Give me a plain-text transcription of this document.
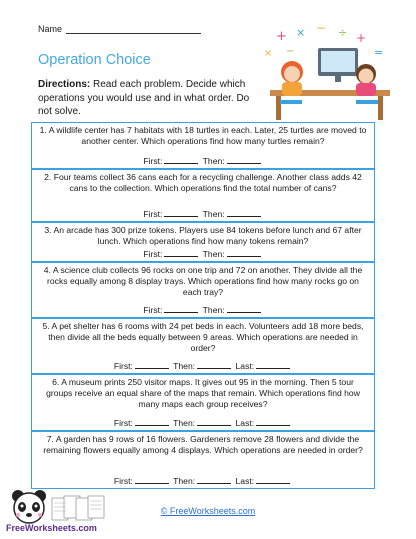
Name
Operation Choice
Directions: Read each problem. Decide which operations you would use and in what order. Do not solve.
+ × − ÷ +
×	=
−
1. A wildlife center has 7 habitats with 18 turtles in each. Later, 25 turtles are moved to another center. Which operations find how many turtles remain?
First:	Then:
2. Four teams collect 36 cans each for a recycling challenge. Another class adds 42 cans to the collection. Which operations find the total number of cans?
First:	Then:
3. An arcade has 300 prize tokens. Players use 84 tokens before lunch and 67 after lunch. Which operations find how many tokens remain?
First:	Then:
4. A science club collects 96 rocks on one trip and 72 on another. They divide all the rocks equally among 8 display trays. Which operations find how many rocks go on each tray?
First:	Then:
5. A pet shelter has 6 rooms with 24 pet beds in each. Volunteers add 18 more beds, then divide all the beds equally between 9 areas. Which operations are needed in order?
First:	Then:	Last:
6. A museum prints 250 visitor maps. It gives out 95 in the morning. Then 5 tour groups receive an equal share of the maps that remain. Which operations find how many maps each group receives?
First:	Then:	Last:
7. A garden has 9 rows of 16 flowers. Gardeners remove 28 flowers and divide the remaining flowers equally among 4 displays. Which operations are needed in order?
First:	Then:	Last:
FreeWorksheets.com
© FreeWorksheets.com
